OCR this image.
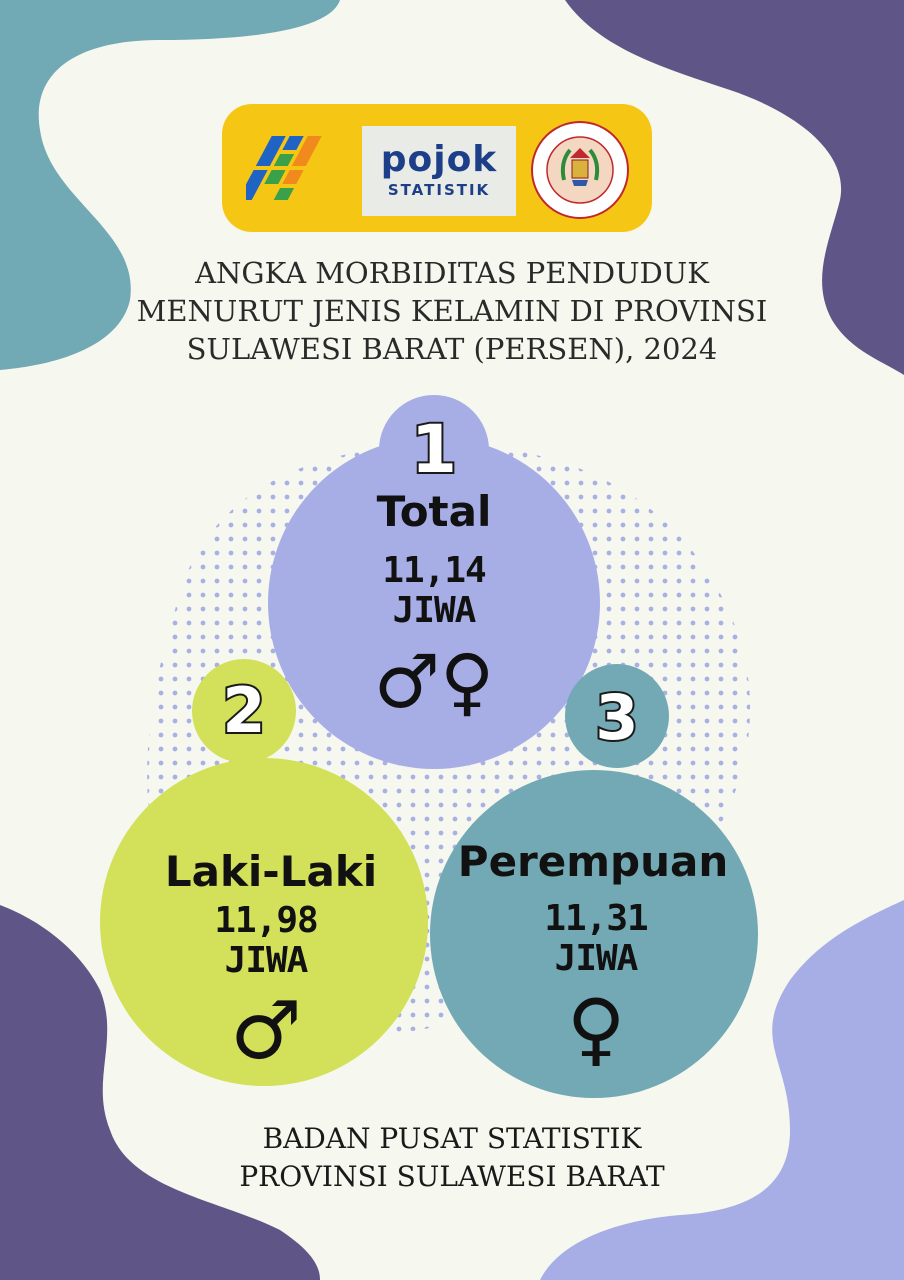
pojok
STATISTIK
ANGKA MORBIDITAS PENDUDUK
MENURUT JENIS KELAMIN DI PROVINSI
SULAWESI BARAT (PERSEN), 2024
1
Total
11,14
JIWA
♂♀
2
Laki-Laki
11,98
JIWA
♂
3
Perempuan
11,31
JIWA
♀
BADAN PUSAT STATISTIK
PROVINSI SULAWESI BARAT
